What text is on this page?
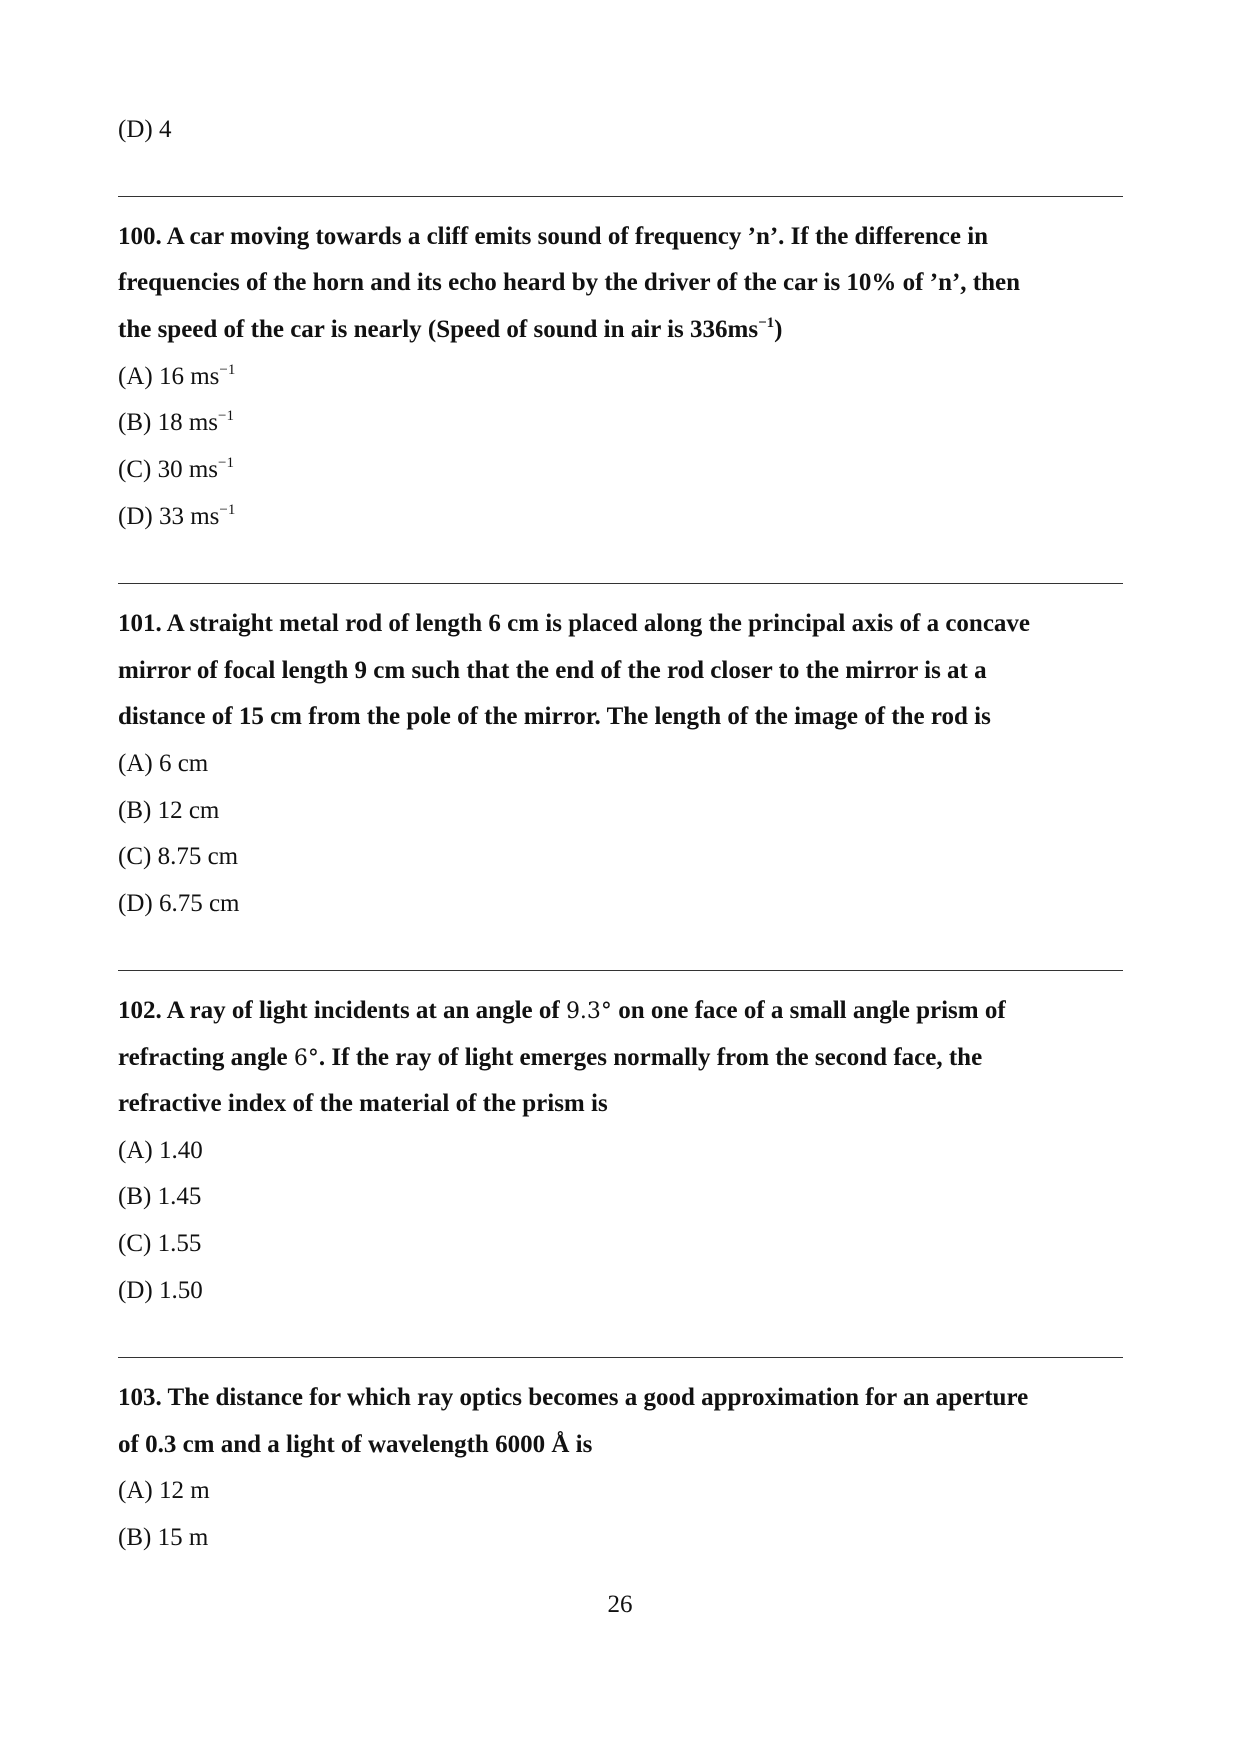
(D) 4
100. A car moving towards a cliff emits sound of frequency ’n’. If the difference in
frequencies of the horn and its echo heard by the driver of the car is 10% of ’n’, then
the speed of the car is nearly (Speed of sound in air is $336ms^{-1}$)
(A) 16 $ms^{-1}$
(B) 18 $ms^{-1}$
(C) 30 $ms^{-1}$
(D) 33 $ms^{-1}$
101. A straight metal rod of length 6 cm is placed along the principal axis of a concave
mirror of focal length 9 cm such that the end of the rod closer to the mirror is at a
distance of 15 cm from the pole of the mirror. The length of the image of the rod is
(A) 6 cm
(B) 12 cm
(C) 8.75 cm
(D) 6.75 cm
102. A ray of light incidents at an angle of 9.3° on one face of a small angle prism of
refracting angle 6°. If the ray of light emerges normally from the second face, the
refractive index of the material of the prism is
(A) 1.40
(B) 1.45
(C) 1.55
(D) 1.50
103. The distance for which ray optics becomes a good approximation for an aperture
of 0.3 cm and a light of wavelength 6000 Å is
(A) 12 m
(B) 15 m
26
